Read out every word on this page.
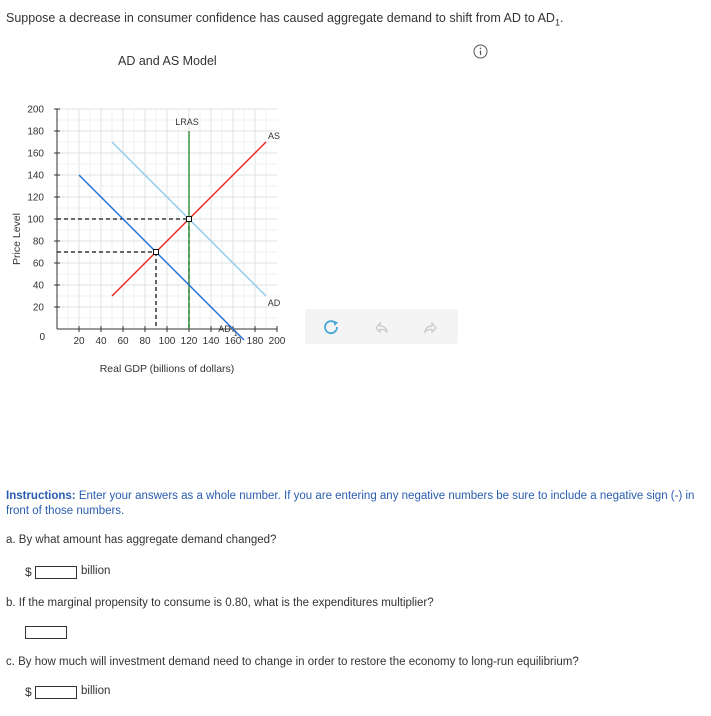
Suppose a decrease in consumer confidence has caused aggregate demand to shift from AD to $AD_1$.
AD and AS Model
0
20
40
60
80
100
120
140
160
180
200
20 40 60 80 100 120 140 160 180 200
Price Level
Real GDP (billions of dollars)
LRAS
AS
AD
$AD_1$
Instructions: Enter your answers as a whole number. If you are entering any negative numbers be sure to include a negative sign (-) in front of those numbers.
a. By what amount has aggregate demand changed?
$	billion
b. If the marginal propensity to consume is 0.80, what is the expenditures multiplier?
c. By how much will investment demand need to change in order to restore the economy to long-run equilibrium?
$	billion
